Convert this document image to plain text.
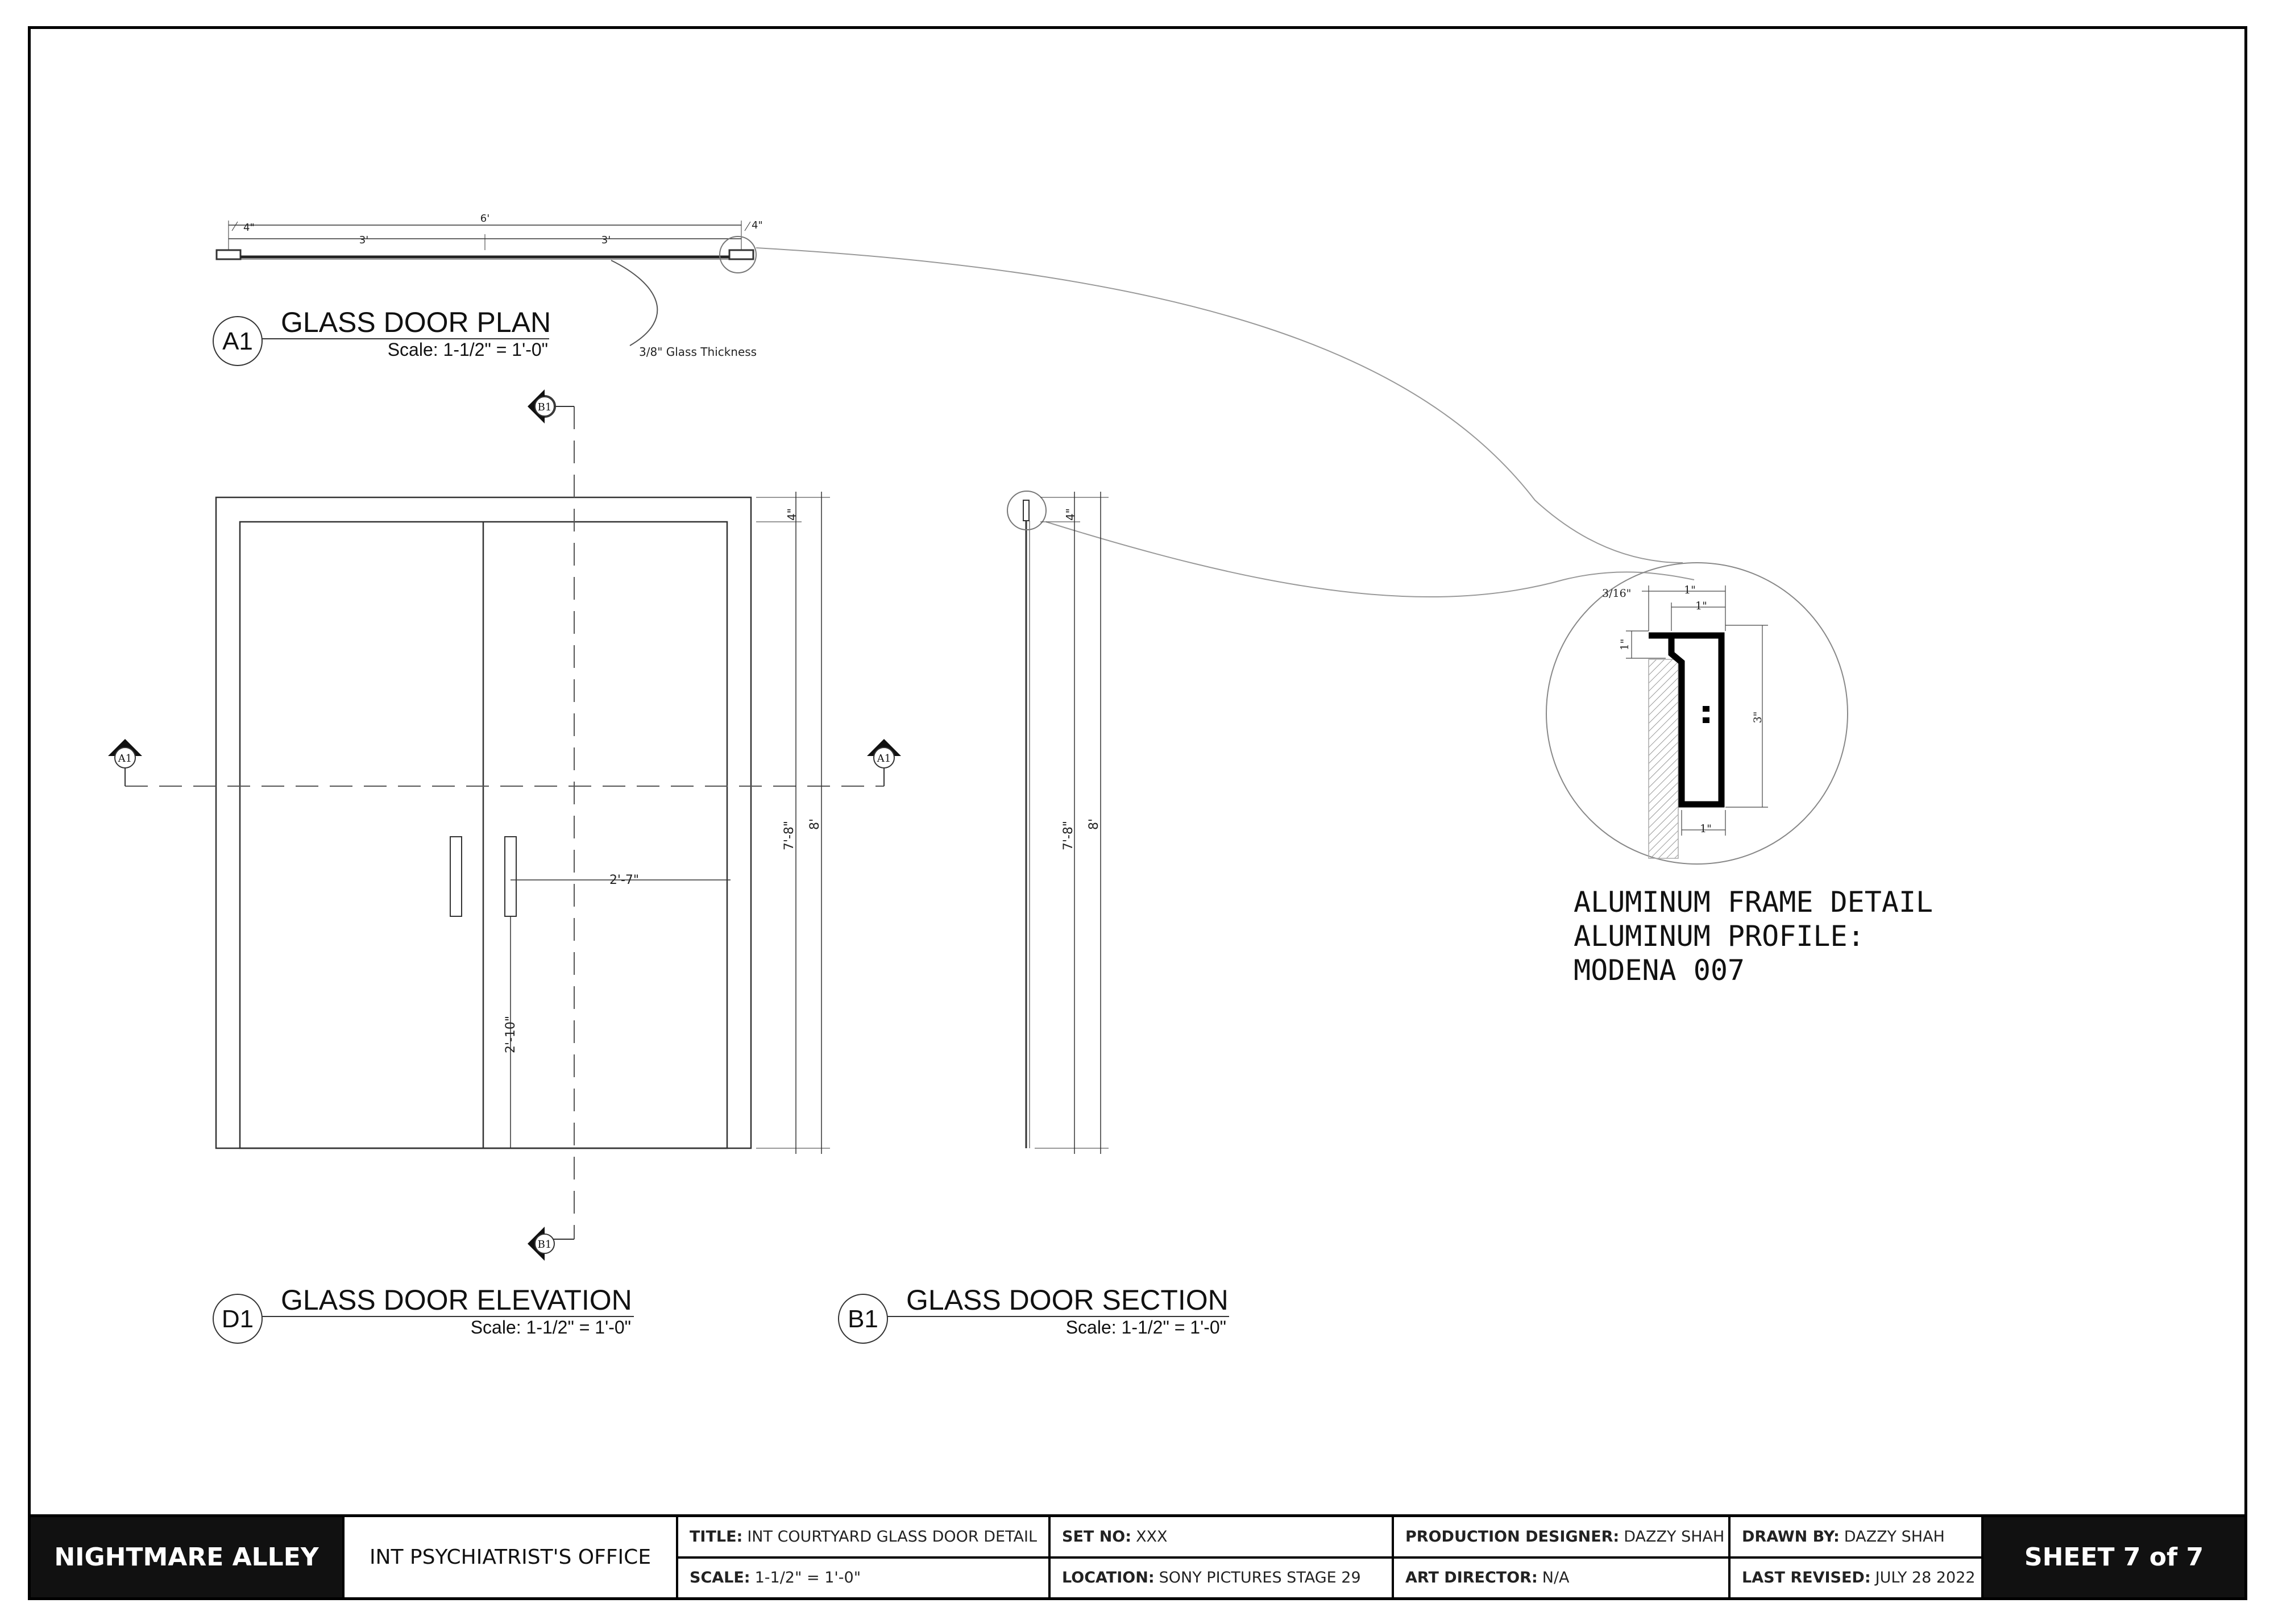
6'
3'	3'
4"	4"
3/8" Glass Thickness
A1
GLASS DOOR PLAN
Scale: 1-1/2" = 1'-0"
4"
7'-8" 8'
2'-7"
2'-10"
B1
B1
A1	A1
D1
GLASS DOOR ELEVATION
Scale: 1-1/2" = 1'-0"
4"
7'-8" 8'
B1
GLASS DOOR SECTION
Scale: 1-1/2" = 1'-0"
3/16"	1"
1"
1"
3"
1"
ALUMINUM FRAME DETAIL
ALUMINUM PROFILE:
MODENA 007
NIGHTMARE ALLEY	INT PSYCHIATRIST'S OFFICE
TITLE: INT COURTYARD GLASS DOOR DETAIL
SCALE: 1-1/2" = 1'-0"
SET NO: XXX
LOCATION: SONY PICTURES STAGE 29
PRODUCTION DESIGNER: DAZZY SHAH
ART DIRECTOR: N/A
DRAWN BY: DAZZY SHAH
LAST REVISED: JULY 28 2022
SHEET 7 of 7
